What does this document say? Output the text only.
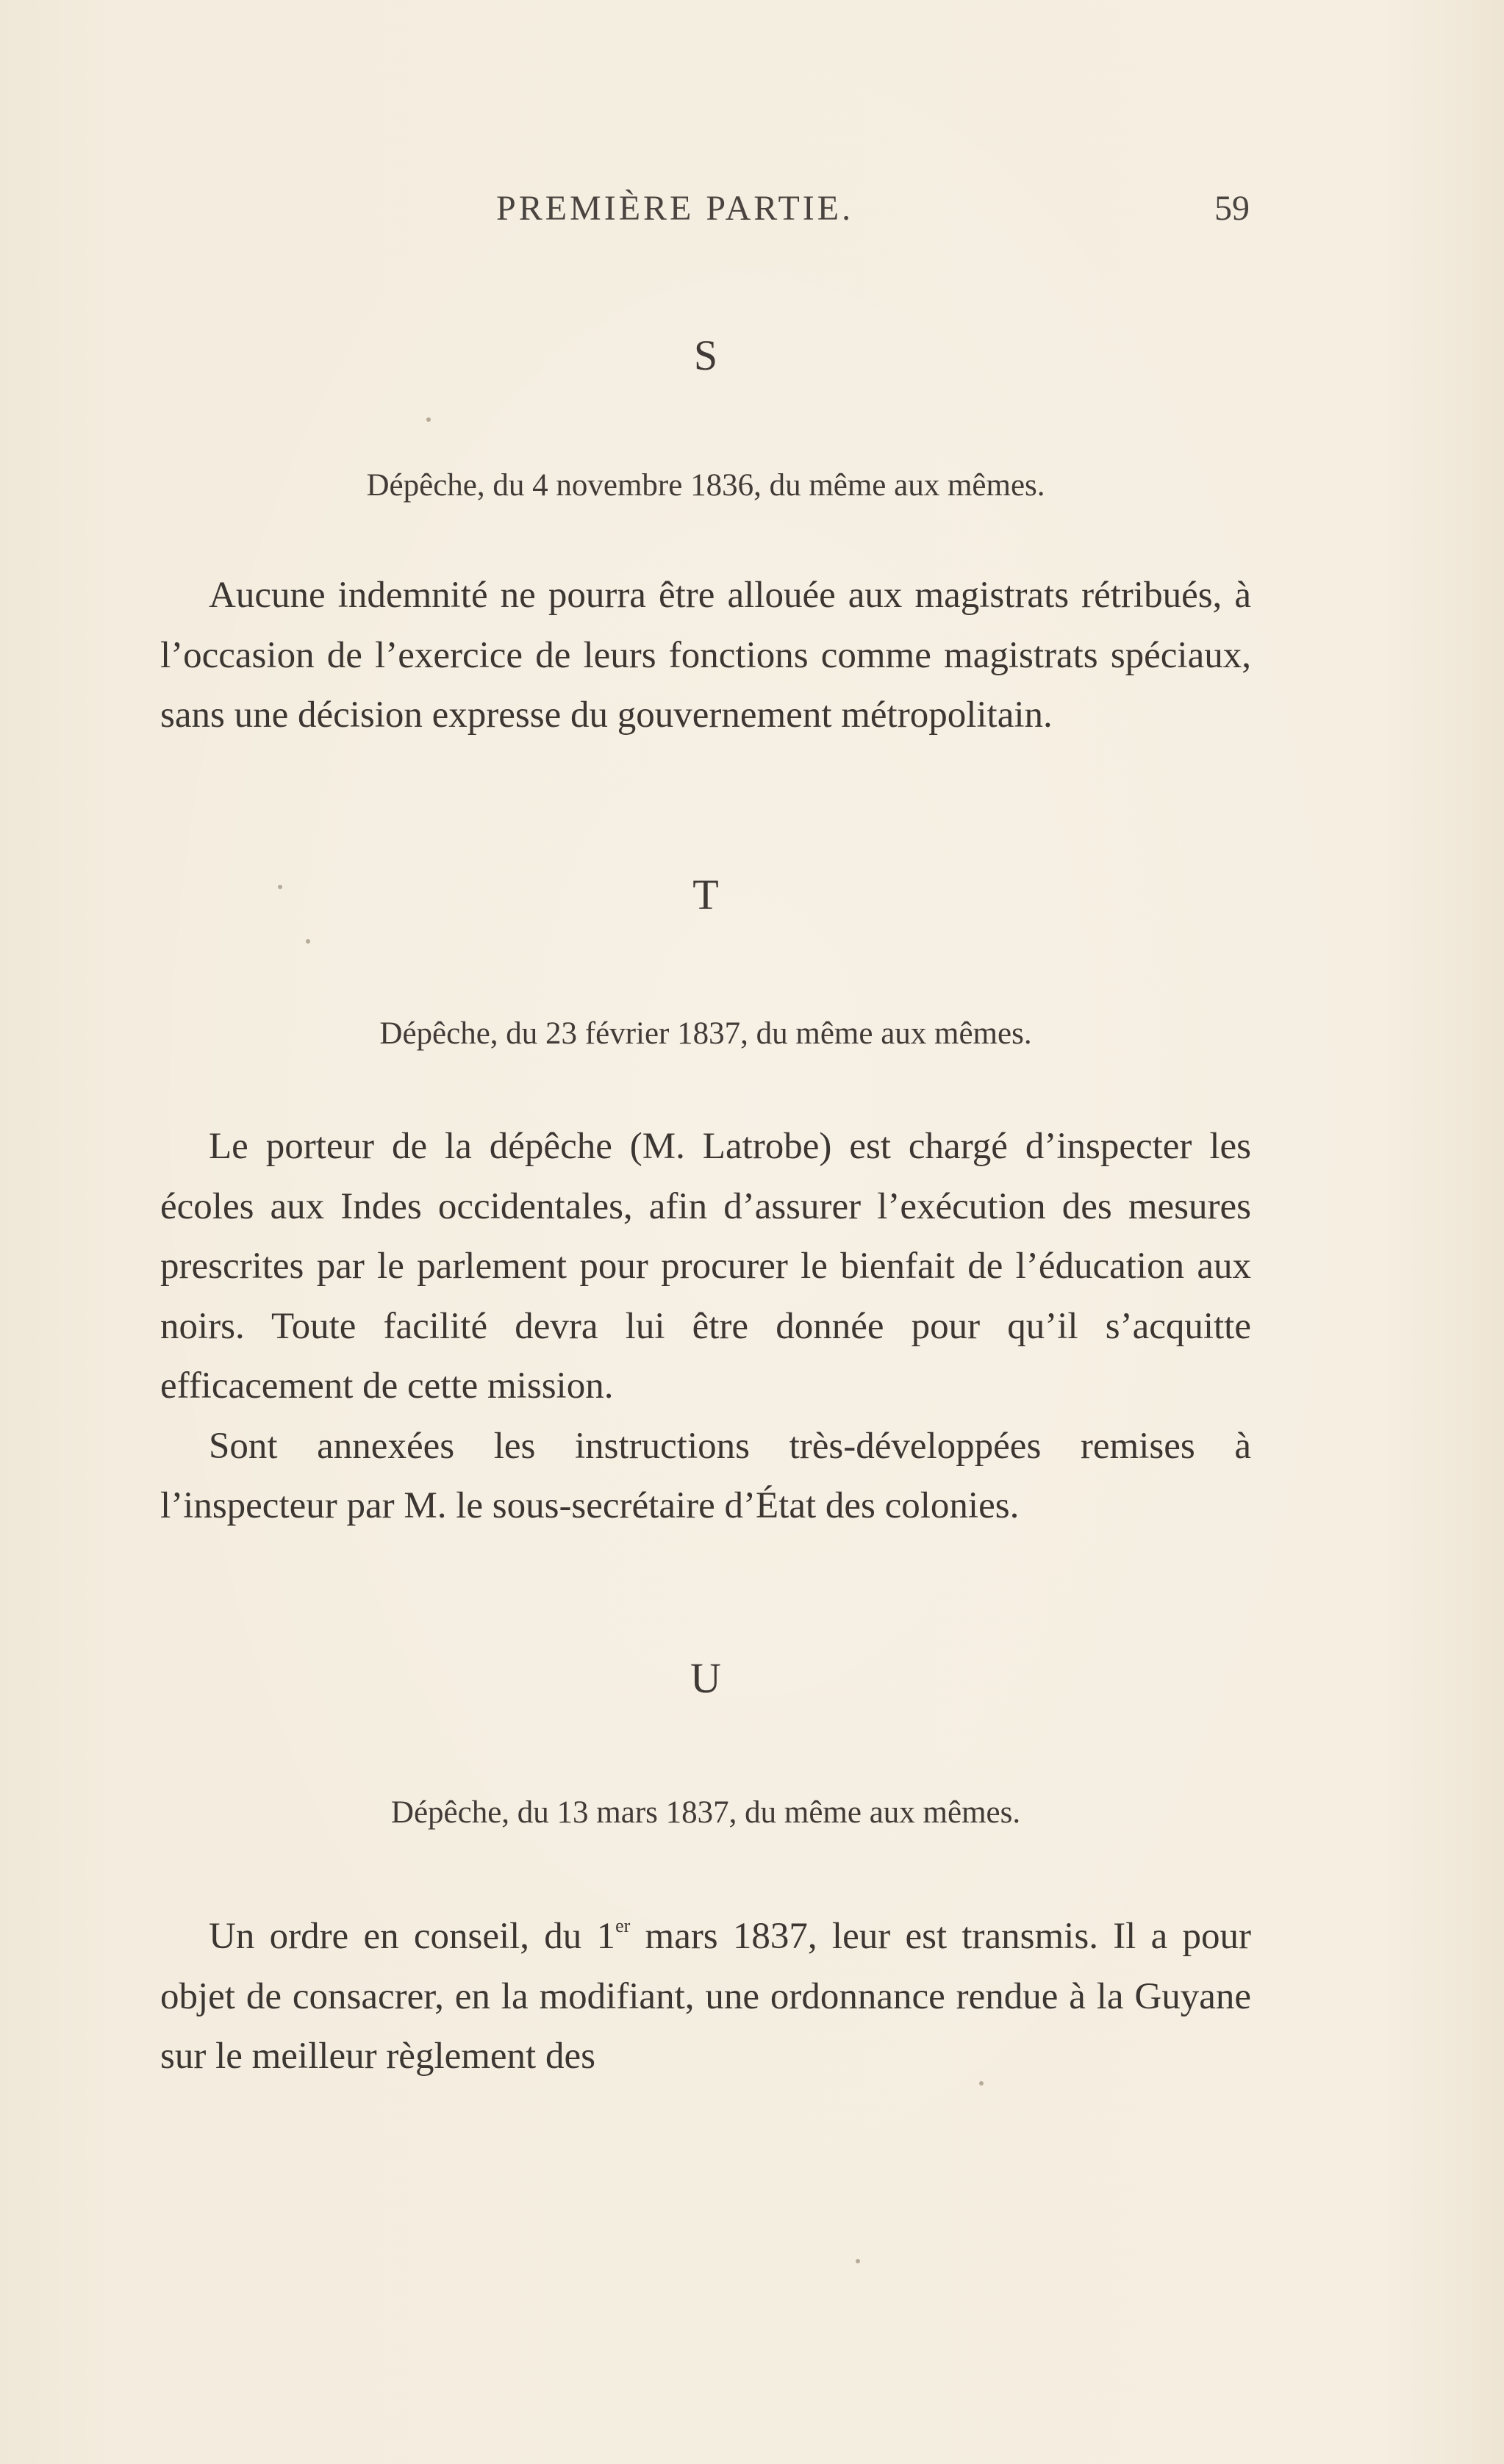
PREMIÈRE PARTIE.	59

S

Dépêche, du 4 novembre 1836, du même aux mêmes.

Aucune indemnité ne pourra être allouée aux magistrats rétribués, à l’occasion de l’exercice de leurs fonctions comme magistrats spéciaux, sans une décision expresse du gouvernement métropolitain.

T

Dépêche, du 23 février 1837, du même aux mêmes.

Le porteur de la dépêche (M. Latrobe) est chargé d’inspecter les écoles aux Indes occidentales, afin d’assurer l’exécution des mesures prescrites par le parlement pour procurer le bienfait de l’éducation aux noirs. Toute facilité devra lui être donnée pour qu’il s’acquitte efficacement de cette mission.

Sont annexées les instructions très-développées remises à l’inspecteur par M. le sous-secrétaire d’État des colonies.

U

Dépêche, du 13 mars 1837, du même aux mêmes.

Un ordre en conseil, du 1er mars 1837, leur est transmis. Il a pour objet de consacrer, en la modifiant, une ordonnance rendue à la Guyane sur le meilleur règlement des
